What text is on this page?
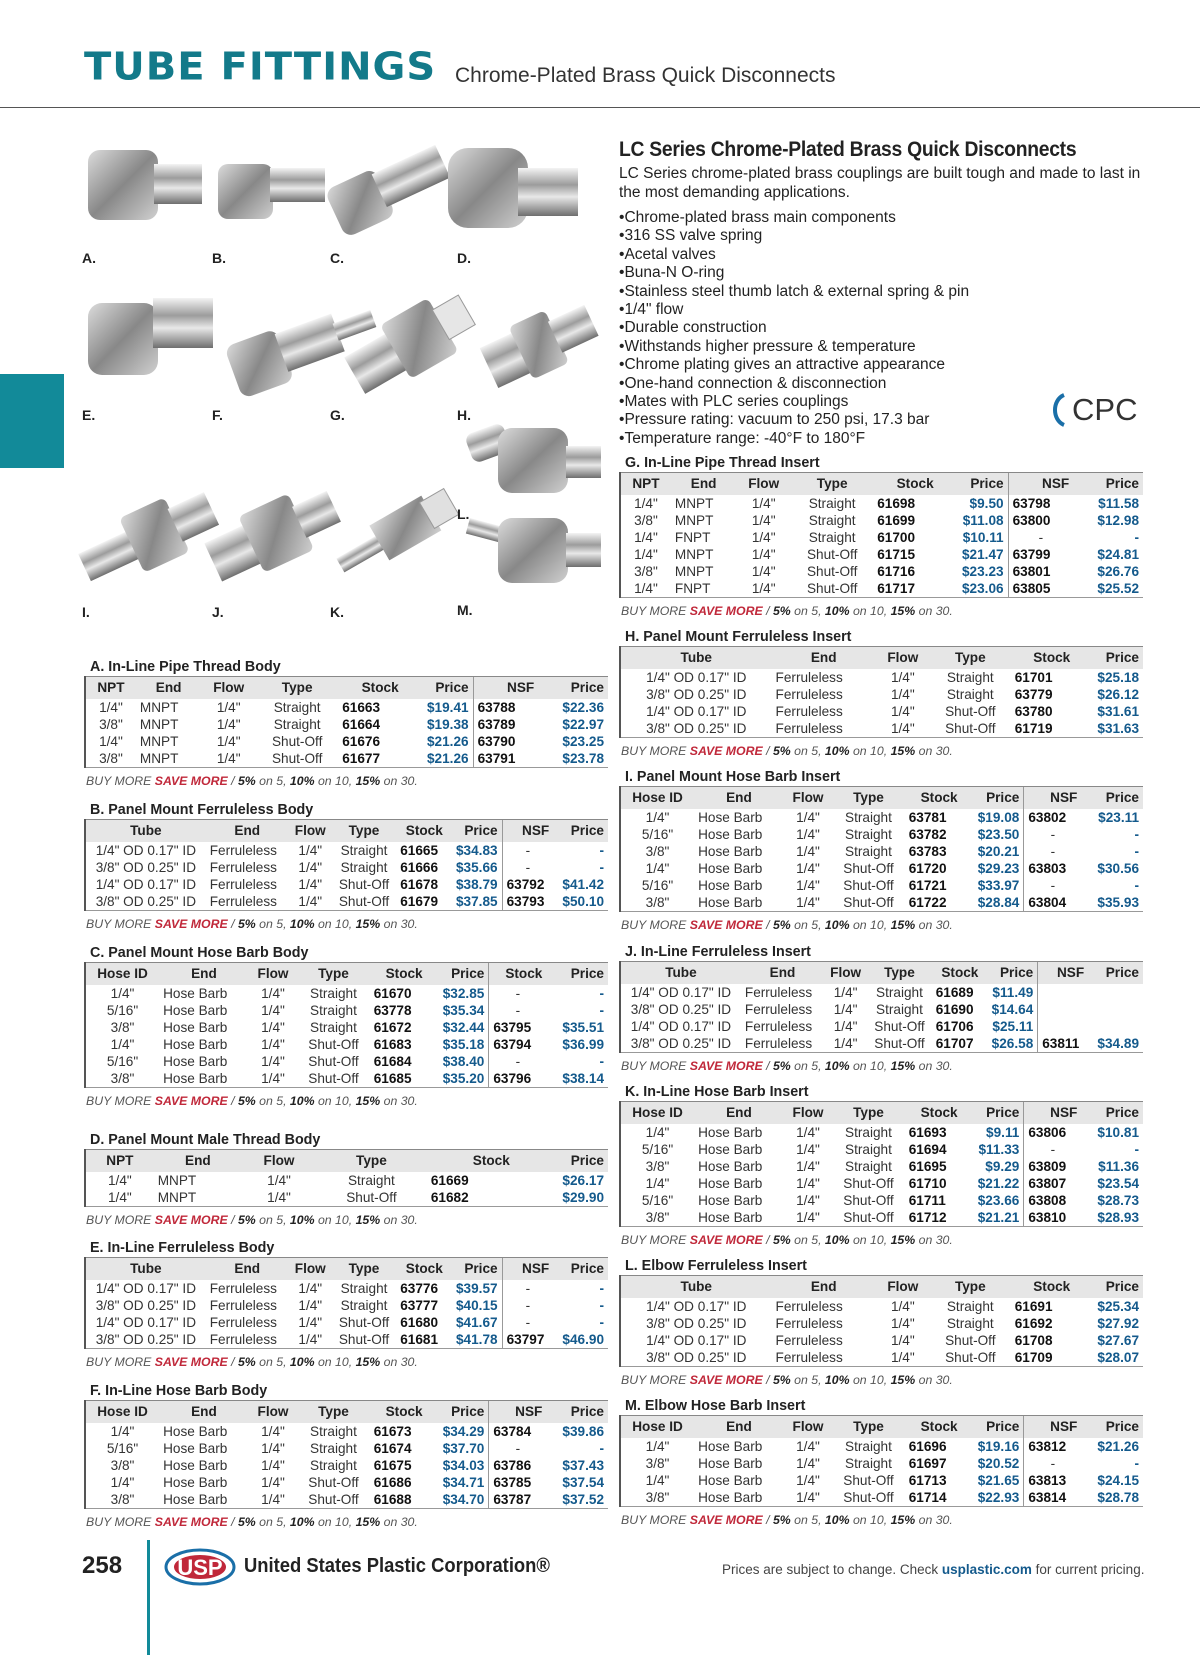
TUBE FITTINGS Chrome-Plated Brass Quick Disconnects
A.	B.	C.	D.
E.	F.	G.	H.
I.	J.	K.
L.
M.
LC Series Chrome-Plated Brass Quick Disconnects
LC Series chrome-plated brass couplings are built tough and made to last in the most demanding applications.
• Chrome-plated brass main components
• 316 SS valve spring
• Acetal valves
• Buna-N O-ring
• Stainless steel thumb latch & external spring & pin
• 1/4" flow
• Durable construction
• Withstands higher pressure & temperature
• Chrome plating gives an attractive appearance
• One-hand connection & disconnection
• Mates with PLC series couplings
• Pressure rating: vacuum to 250 psi, 17.3 bar
• Temperature range: -40°F to 180°F
CPC
A. In-Line Pipe Thread Body
NPT	End	Flow	Type	Stock	Price	NSF	Price
1/4"	MNPT	1/4"	Straight	61663	$19.41	63788	$22.36
3/8"	MNPT	1/4"	Straight	61664	$19.38	63789	$22.97
1/4"	MNPT	1/4"	Shut-Off	61676	$21.26	63790	$23.25
3/8"	MNPT	1/4"	Shut-Off	61677	$21.26	63791	$23.78
BUY MORE SAVE MORE / 5% on 5, 10% on 10, 15% on 30.
B. Panel Mount Ferruleless Body
Tube	End	Flow	Type	Stock	Price	NSF	Price
1/4" OD 0.17" ID	Ferruleless	1/4"	Straight	61665	$34.83	-	-
3/8" OD 0.25" ID	Ferruleless	1/4"	Straight	61666	$35.66	-	-
1/4" OD 0.17" ID	Ferruleless	1/4"	Shut-Off	61678	$38.79	63792	$41.42
3/8" OD 0.25" ID	Ferruleless	1/4"	Shut-Off	61679	$37.85	63793	$50.10
BUY MORE SAVE MORE / 5% on 5, 10% on 10, 15% on 30.
C. Panel Mount Hose Barb Body
Hose ID	End	Flow	Type	Stock	Price	Stock	Price
1/4"	Hose Barb	1/4"	Straight	61670	$32.85	-	-
5/16"	Hose Barb	1/4"	Straight	63778	$35.34	-	-
3/8"	Hose Barb	1/4"	Straight	61672	$32.44	63795	$35.51
1/4"	Hose Barb	1/4"	Shut-Off	61683	$35.18	63794	$36.99
5/16"	Hose Barb	1/4"	Shut-Off	61684	$38.40	-	-
3/8"	Hose Barb	1/4"	Shut-Off	61685	$35.20	63796	$38.14
BUY MORE SAVE MORE / 5% on 5, 10% on 10, 15% on 30.
D. Panel Mount Male Thread Body
NPT	End	Flow	Type	Stock	Price
1/4"	MNPT	1/4"	Straight	61669	$26.17
1/4"	MNPT	1/4"	Shut-Off	61682	$29.90
BUY MORE SAVE MORE / 5% on 5, 10% on 10, 15% on 30.
E. In-Line Ferruleless Body
Tube	End	Flow	Type	Stock	Price	NSF	Price
1/4" OD 0.17" ID	Ferruleless	1/4"	Straight	63776	$39.57	-	-
3/8" OD 0.25" ID	Ferruleless	1/4"	Straight	63777	$40.15	-	-
1/4" OD 0.17" ID	Ferruleless	1/4"	Shut-Off	61680	$41.67	-	-
3/8" OD 0.25" ID	Ferruleless	1/4"	Shut-Off	61681	$41.78	63797	$46.90
BUY MORE SAVE MORE / 5% on 5, 10% on 10, 15% on 30.
F. In-Line Hose Barb Body
Hose ID	End	Flow	Type	Stock	Price	NSF	Price
1/4"	Hose Barb	1/4"	Straight	61673	$34.29	63784	$39.86
5/16"	Hose Barb	1/4"	Straight	61674	$37.70	-	-
3/8"	Hose Barb	1/4"	Straight	61675	$34.03	63786	$37.43
1/4"	Hose Barb	1/4"	Shut-Off	61686	$34.71	63785	$37.54
3/8"	Hose Barb	1/4"	Shut-Off	61688	$34.70	63787	$37.52
BUY MORE SAVE MORE / 5% on 5, 10% on 10, 15% on 30.
G. In-Line Pipe Thread Insert
NPT	End	Flow	Type	Stock	Price	NSF	Price
1/4"	MNPT	1/4"	Straight	61698	$9.50	63798	$11.58
3/8"	MNPT	1/4"	Straight	61699	$11.08	63800	$12.98
1/4"	FNPT	1/4"	Straight	61700	$10.11	-	-
1/4"	MNPT	1/4"	Shut-Off	61715	$21.47	63799	$24.81
3/8"	MNPT	1/4"	Shut-Off	61716	$23.23	63801	$26.76
1/4"	FNPT	1/4"	Shut-Off	61717	$23.06	63805	$25.52
BUY MORE SAVE MORE / 5% on 5, 10% on 10, 15% on 30.
H. Panel Mount Ferruleless Insert
Tube	End	Flow	Type	Stock	Price
1/4" OD 0.17" ID	Ferruleless	1/4"	Straight	61701	$25.18
3/8" OD 0.25" ID	Ferruleless	1/4"	Straight	63779	$26.12
1/4" OD 0.17" ID	Ferruleless	1/4"	Shut-Off	63780	$31.61
3/8" OD 0.25" ID	Ferruleless	1/4"	Shut-Off	61719	$31.63
BUY MORE SAVE MORE / 5% on 5, 10% on 10, 15% on 30.
I. Panel Mount Hose Barb Insert
Hose ID	End	Flow	Type	Stock	Price	NSF	Price
1/4"	Hose Barb	1/4"	Straight	63781	$19.08	63802	$23.11
5/16"	Hose Barb	1/4"	Straight	63782	$23.50	-	-
3/8"	Hose Barb	1/4"	Straight	63783	$20.21	-	-
1/4"	Hose Barb	1/4"	Shut-Off	61720	$29.23	63803	$30.56
5/16"	Hose Barb	1/4"	Shut-Off	61721	$33.97	-	-
3/8"	Hose Barb	1/4"	Shut-Off	61722	$28.84	63804	$35.93
BUY MORE SAVE MORE / 5% on 5, 10% on 10, 15% on 30.
J. In-Line Ferruleless Insert
Tube	End	Flow	Type	Stock	Price	NSF	Price
1/4" OD 0.17" ID	Ferruleless	1/4"	Straight	61689	$11.49		
3/8" OD 0.25" ID	Ferruleless	1/4"	Straight	61690	$14.64		
1/4" OD 0.17" ID	Ferruleless	1/4"	Shut-Off	61706	$25.11		
3/8" OD 0.25" ID	Ferruleless	1/4"	Shut-Off	61707	$26.58	63811	$34.89
BUY MORE SAVE MORE / 5% on 5, 10% on 10, 15% on 30.
K. In-Line Hose Barb Insert
Hose ID	End	Flow	Type	Stock	Price	NSF	Price
1/4"	Hose Barb	1/4"	Straight	61693	$9.11	63806	$10.81
5/16"	Hose Barb	1/4"	Straight	61694	$11.33	-	-
3/8"	Hose Barb	1/4"	Straight	61695	$9.29	63809	$11.36
1/4"	Hose Barb	1/4"	Shut-Off	61710	$21.22	63807	$23.54
5/16"	Hose Barb	1/4"	Shut-Off	61711	$23.66	63808	$28.73
3/8"	Hose Barb	1/4"	Shut-Off	61712	$21.21	63810	$28.93
BUY MORE SAVE MORE / 5% on 5, 10% on 10, 15% on 30.
L. Elbow Ferruleless Insert
Tube	End	Flow	Type	Stock	Price
1/4" OD 0.17" ID	Ferruleless	1/4"	Straight	61691	$25.34
3/8" OD 0.25" ID	Ferruleless	1/4"	Straight	61692	$27.92
1/4" OD 0.17" ID	Ferruleless	1/4"	Shut-Off	61708	$27.67
3/8" OD 0.25" ID	Ferruleless	1/4"	Shut-Off	61709	$28.07
BUY MORE SAVE MORE / 5% on 5, 10% on 10, 15% on 30.
M. Elbow Hose Barb Insert
Hose ID	End	Flow	Type	Stock	Price	NSF	Price
1/4"	Hose Barb	1/4"	Straight	61696	$19.16	63812	$21.26
3/8"	Hose Barb	1/4"	Straight	61697	$20.52	-	-
1/4"	Hose Barb	1/4"	Shut-Off	61713	$21.65	63813	$24.15
3/8"	Hose Barb	1/4"	Shut-Off	61714	$22.93	63814	$28.78
BUY MORE SAVE MORE / 5% on 5, 10% on 10, 15% on 30.
258	USP United States Plastic Corporation®	Prices are subject to change. Check usplastic.com for current pricing.
